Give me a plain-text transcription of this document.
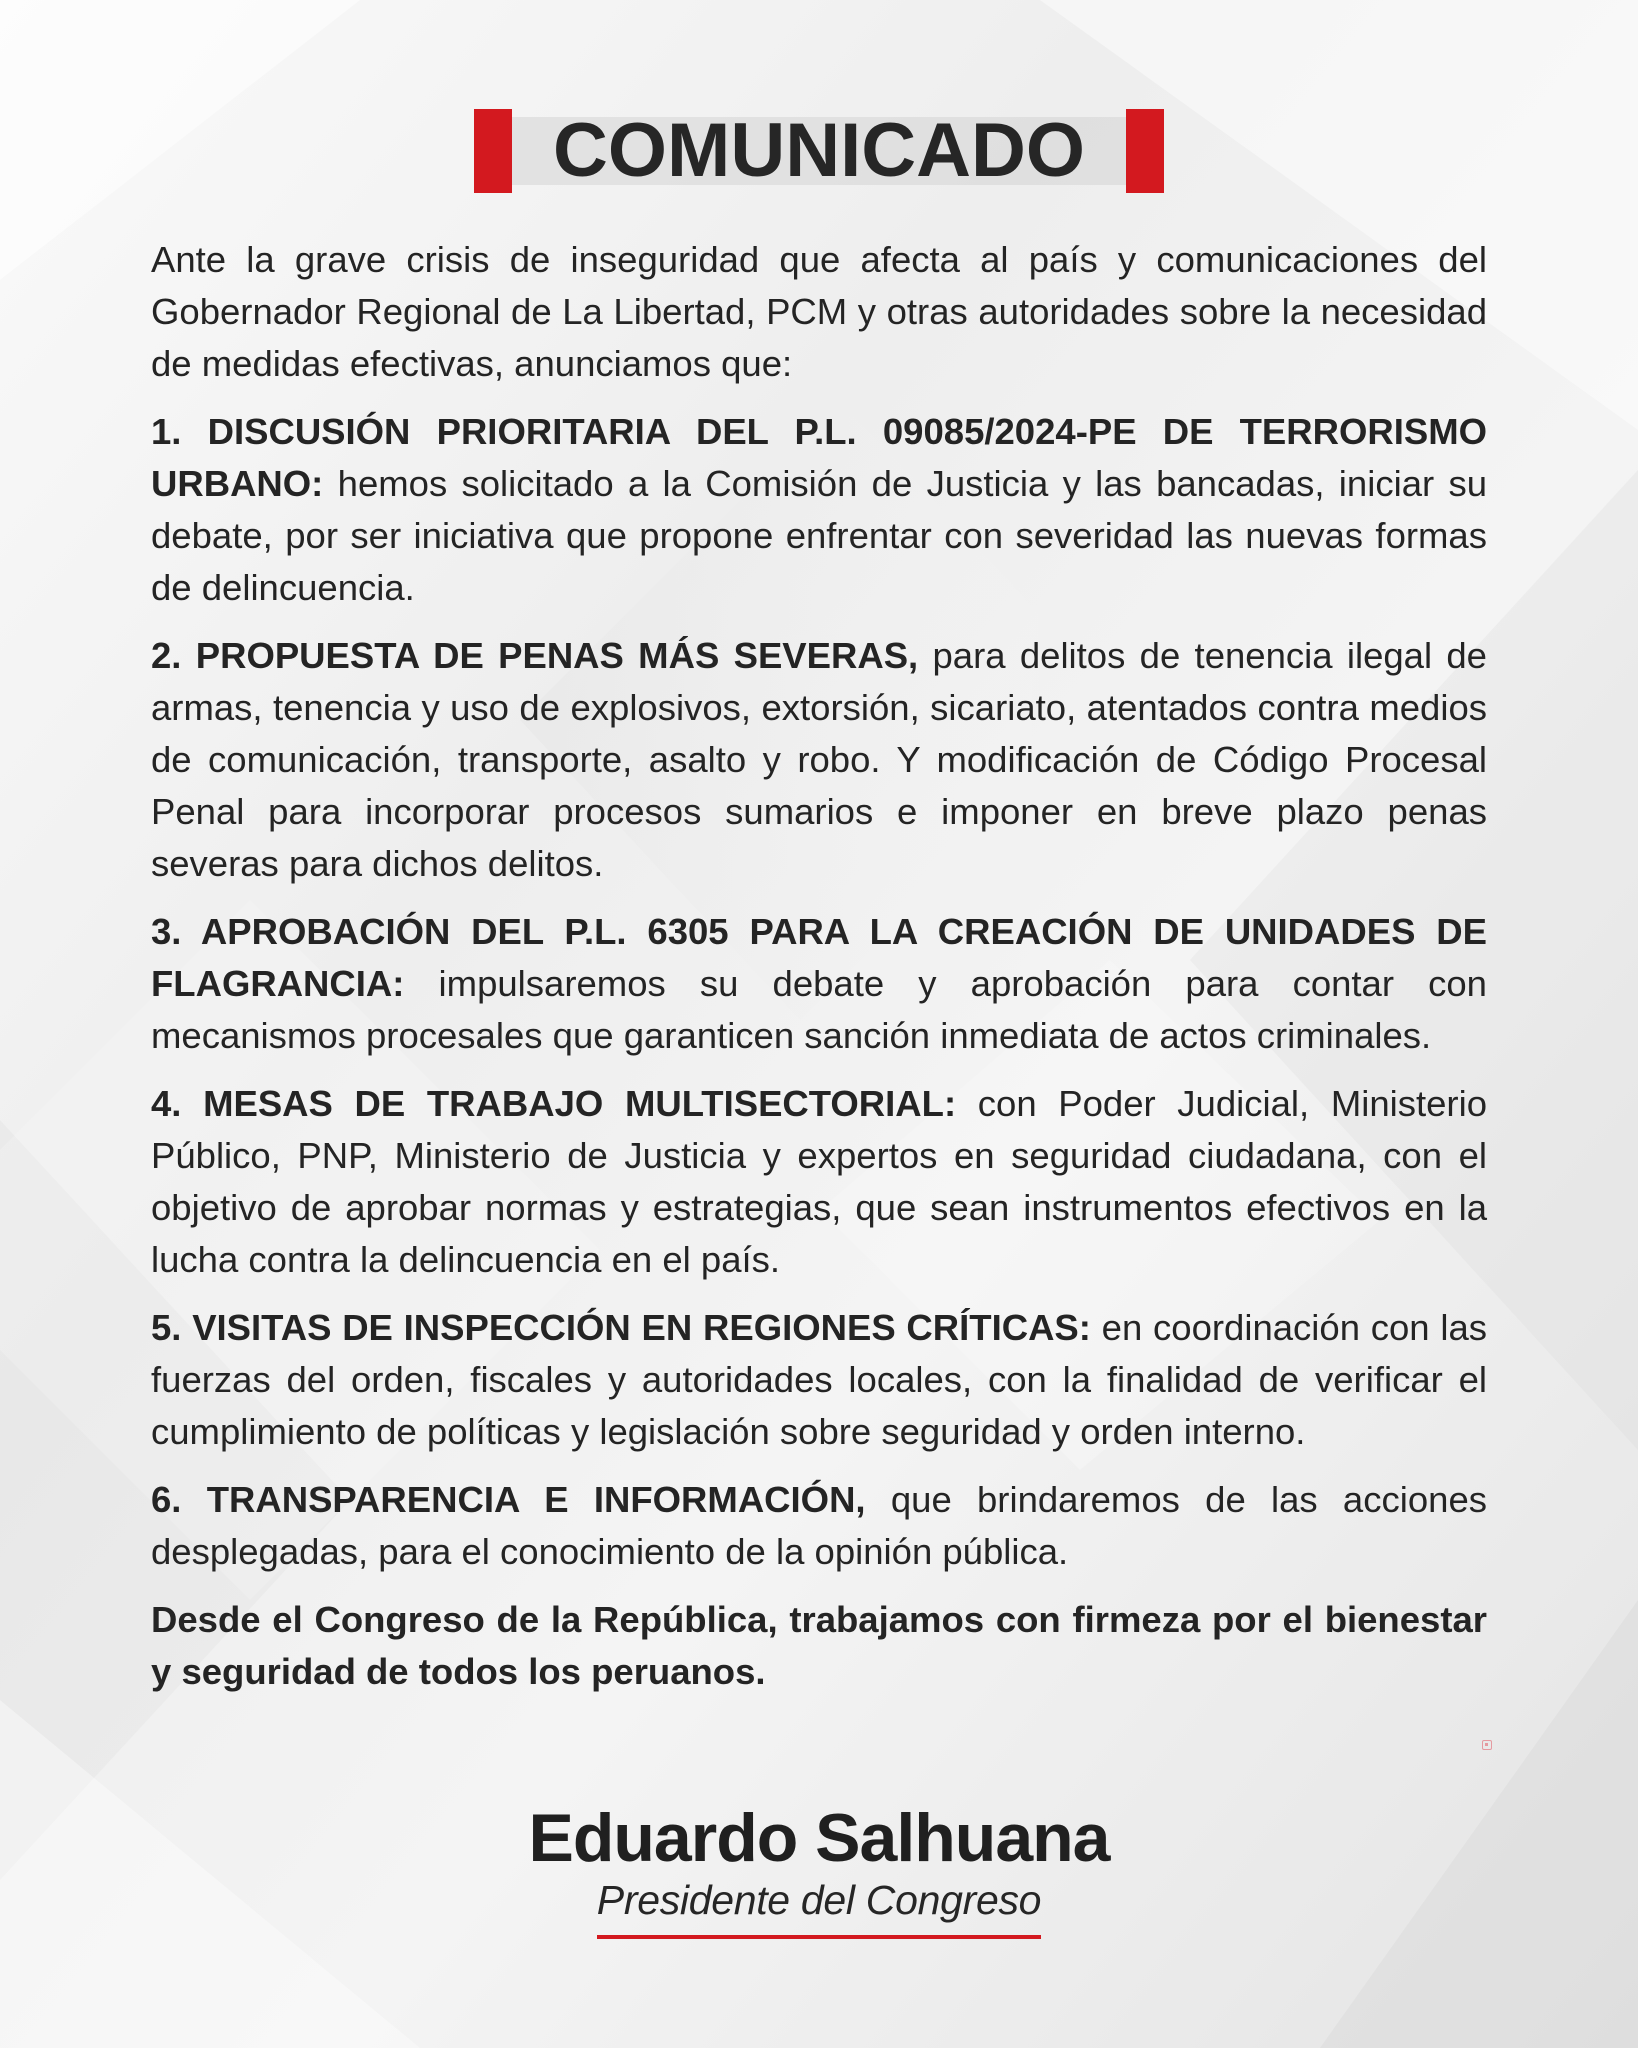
COMUNICADO

Ante la grave crisis de inseguridad que afecta al país y comunicaciones del Gobernador Regional de La Libertad, PCM y otras autoridades sobre la necesidad de medidas efectivas, anunciamos que:

1. DISCUSIÓN PRIORITARIA DEL P.L. 09085/2024-PE DE TERRORISMO URBANO: hemos solicitado a la Comisión de Justicia y las bancadas, iniciar su debate, por ser iniciativa que propone enfrentar con severidad las nuevas formas de delincuencia.

2. PROPUESTA DE PENAS MÁS SEVERAS, para delitos de tenencia ilegal de armas, tenencia y uso de explosivos, extorsión, sicariato, atentados contra medios de comunicación, transporte, asalto y robo. Y modificación de Código Procesal Penal para incorporar procesos sumarios e imponer en breve plazo penas severas para dichos delitos.

3. APROBACIÓN DEL P.L. 6305 PARA LA CREACIÓN DE UNIDADES DE FLAGRANCIA: impulsaremos su debate y aprobación para contar con mecanismos procesales que garanticen sanción inmediata de actos criminales.

4. MESAS DE TRABAJO MULTISECTORIAL: con Poder Judicial, Ministerio Público, PNP, Ministerio de Justicia y expertos en seguridad ciudadana, con el objetivo de aprobar normas y estrategias, que sean instrumentos efectivos en la lucha contra la delincuencia en el país.

5. VISITAS DE INSPECCIÓN EN REGIONES CRÍTICAS: en coordinación con las fuerzas del orden, fiscales y autoridades locales, con la finalidad de verificar el cumplimiento de políticas y legislación sobre seguridad y orden interno.

6. TRANSPARENCIA E INFORMACIÓN, que brindaremos de las acciones desplegadas, para el conocimiento de la opinión pública.

Desde el Congreso de la República, trabajamos con firmeza por el bienestar y seguridad de todos los peruanos.

Eduardo Salhuana
Presidente del Congreso
